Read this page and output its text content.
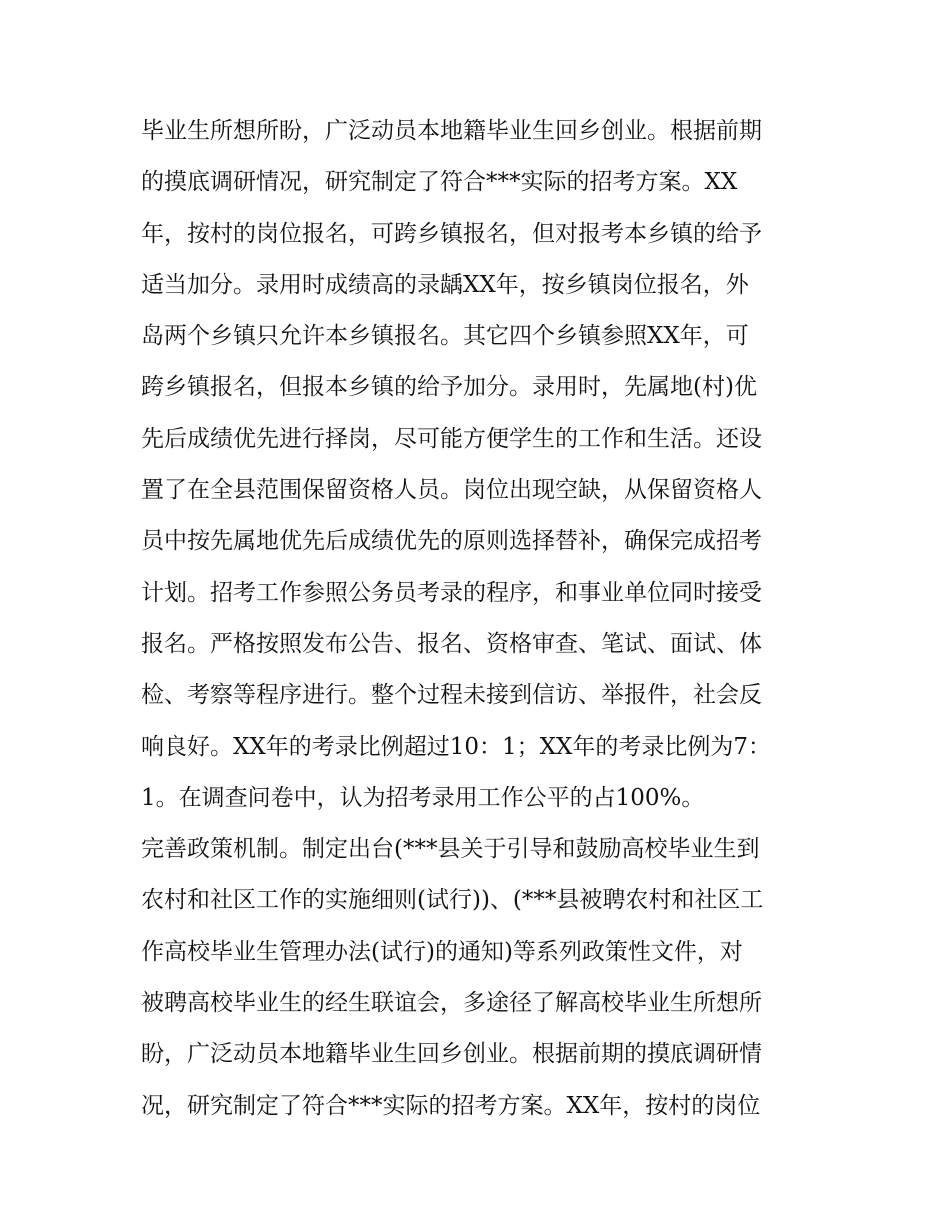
毕业生所想所盼，广泛动员本地籍毕业生回乡创业。根据前期
的摸底调研情况，研究制定了符合***实际的招考方案。XX
年，按村的岗位报名，可跨乡镇报名，但对报考本乡镇的给予
适当加分。录用时成绩高的录龋XX年，按乡镇岗位报名，外
岛两个乡镇只允许本乡镇报名。其它四个乡镇参照XX年，可
跨乡镇报名，但报本乡镇的给予加分。录用时，先属地(村)优
先后成绩优先进行择岗，尽可能方便学生的工作和生活。还设
置了在全县范围保留资格人员。岗位出现空缺，从保留资格人
员中按先属地优先后成绩优先的原则选择替补，确保完成招考
计划。招考工作参照公务员考录的程序，和事业单位同时接受
报名。严格按照发布公告、报名、资格审查、笔试、面试、体
检、考察等程序进行。整个过程未接到信访、举报件，社会反
响良好。XX年的考录比例超过10：1；XX年的考录比例为7：
1。在调查问卷中，认为招考录用工作公平的占100%。
完善政策机制。制定出台(***县关于引导和鼓励高校毕业生到
农村和社区工作的实施细则(试行))、(***县被聘农村和社区工
作高校毕业生管理办法(试行)的通知)等系列政策性文件，对
被聘高校毕业生的经生联谊会，多途径了解高校毕业生所想所
盼，广泛动员本地籍毕业生回乡创业。根据前期的摸底调研情
况，研究制定了符合***实际的招考方案。XX年，按村的岗位
